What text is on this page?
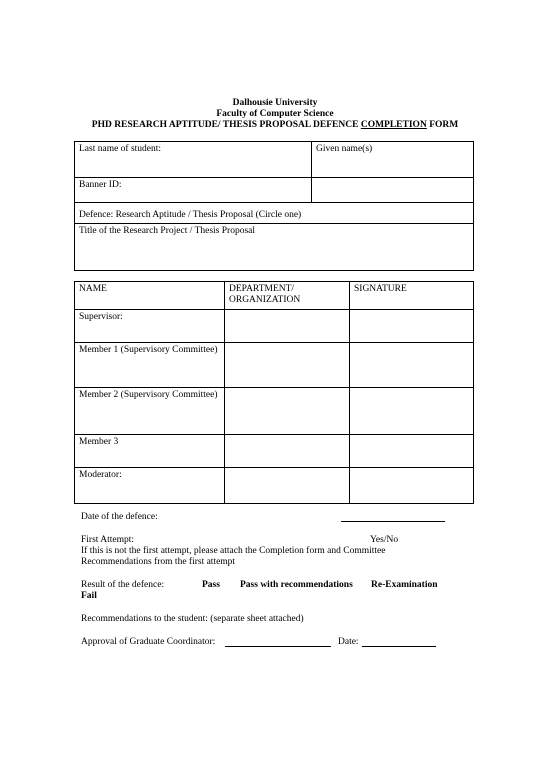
Dalhousie University
Faculty of Computer Science
PHD RESEARCH APTITUDE/ THESIS PROPOSAL DEFENCE COMPLETION FORM
Last name of student:	Given name(s)
Banner ID:	
Defence: Research Aptitude / Thesis Proposal (Circle one)	
Title of the Research Project / Thesis Proposal	
NAME	DEPARTMENT/ ORGANIZATION	SIGNATURE
Supervisor:		
Member 1 (Supervisory Committee)		
Member 2 (Supervisory Committee)		
Member 3		
Moderator:		
Date of the defence:
First Attempt:	Yes/No
If this is not the first attempt, please attach the Completion form and Committee
Recommendations from the first attempt
Result of the defence:	Pass Pass with recommendations Re-Examination
Fail
Recommendations to the student: (separate sheet attached)
Approval of Graduate Coordinator:	Date:
